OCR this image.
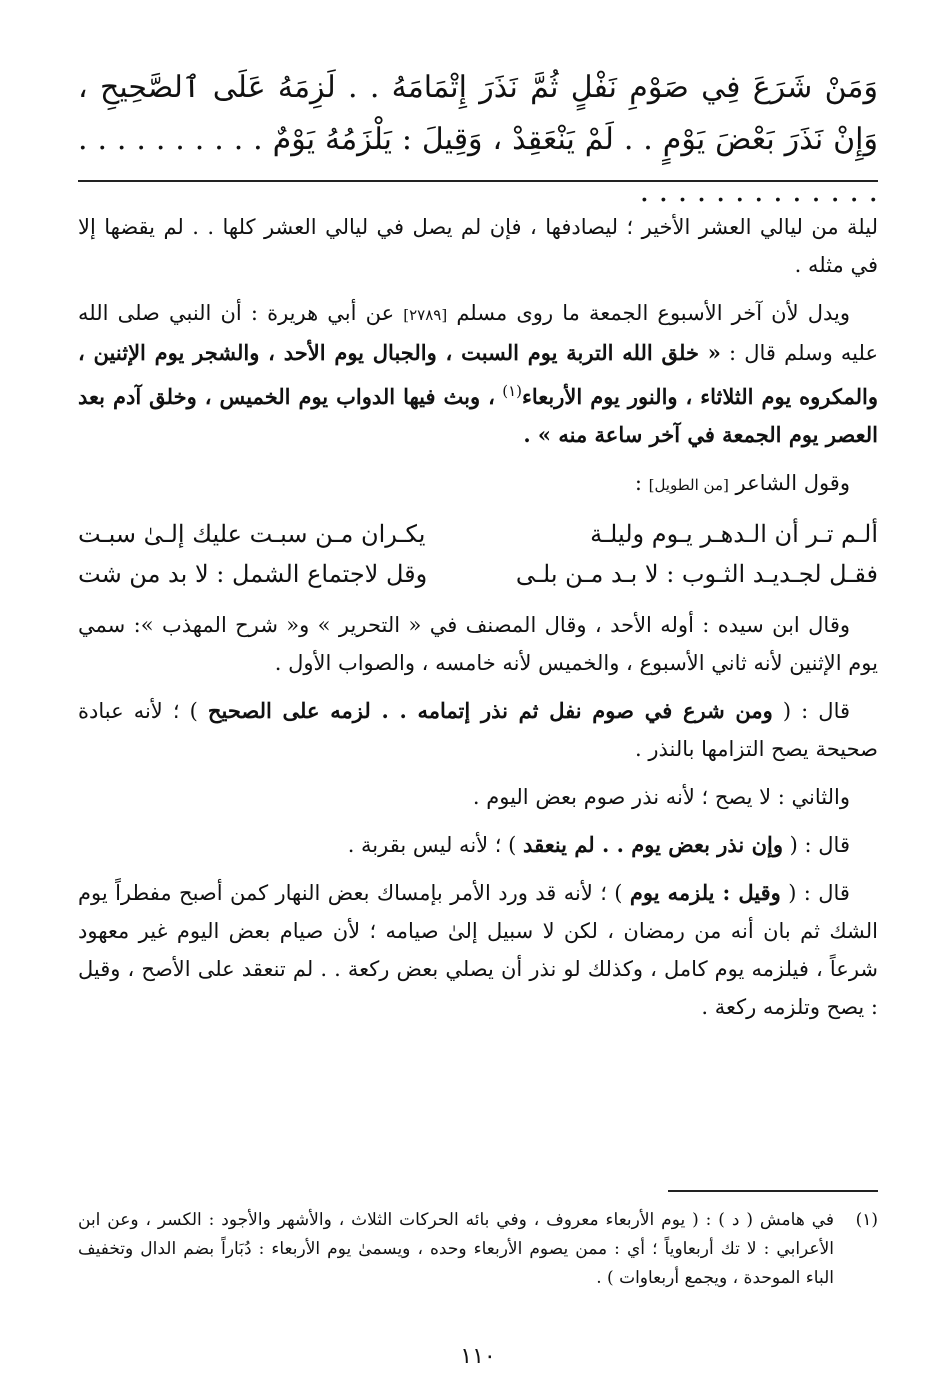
وَمَنْ شَرَعَ فِي صَوْمِ نَفْلٍ ثُمَّ نَذَرَ إِتْمَامَهُ . . لَزِمَهُ عَلَى ٱلصَّحِيحِ ، وَإِنْ نَذَرَ بَعْضَ يَوْمٍ . . لَمْ يَنْعَقِدْ ، وَقِيلَ : يَلْزَمُهُ يَوْمٌ . . . . . . . . . . . . . . . . . . . . . . .

ليلة من ليالي العشر الأخير ؛ ليصادفها ، فإن لم يصل في ليالي العشر كلها . . لم يقضها إلا في مثله .

ويدل لأن آخر الأسبوع الجمعة ما روى مسلم [٢٧٨٩] عن أبي هريرة : أن النبي صلى الله عليه وسلم قال : « خلق الله التربة يوم السبت ، والجبال يوم الأحد ، والشجر يوم الإثنين ، والمكروه يوم الثلاثاء ، والنور يوم الأربعاء$^{(١)}$ ، وبث فيها الدواب يوم الخميس ، وخلق آدم بعد العصر يوم الجمعة في آخر ساعة منه » .

وقول الشاعر [من الطويل] :

ألـم تـر أن الـدهـر يـوم وليلـة
يكـران مـن سبـت عليك إلـىٰ سبـت
فقـل لجـديـد الثـوب : لا بـد مـن بلـى
وقل لاجتماع الشمل : لا بد من شت

وقال ابن سيده : أوله الأحد ، وقال المصنف في « التحرير » و« شرح المهذب »: سمي يوم الإثنين لأنه ثاني الأسبوع ، والخميس لأنه خامسه ، والصواب الأول .

قال : ( ومن شرع في صوم نفل ثم نذر إتمامه . . لزمه على الصحيح ) ؛ لأنه عبادة صحيحة يصح التزامها بالنذر .

والثاني : لا يصح ؛ لأنه نذر صوم بعض اليوم .

قال : ( وإن نذر بعض يوم . . لم ينعقد ) ؛ لأنه ليس بقربة .

قال : ( وقيل : يلزمه يوم ) ؛ لأنه قد ورد الأمر بإمساك بعض النهار كمن أصبح مفطراً يوم الشك ثم بان أنه من رمضان ، لكن لا سبيل إلىٰ صيامه ؛ لأن صيام بعض اليوم غير معهود شرعاً ، فيلزمه يوم كامل ، وكذلك لو نذر أن يصلي بعض ركعة . . لم تنعقد على الأصح ، وقيل : يصح وتلزمه ركعة .

(١)
في هامش ( د ) : ( يوم الأربعاء معروف ، وفي بائه الحركات الثلاث ، والأشهر والأجود : الكسر ، وعن ابن الأعرابي : لا تك أربعاوياً ؛ أي : ممن يصوم الأربعاء وحده ، ويسمىٰ يوم الأربعاء : دُبَاراً بضم الدال وتخفيف الباء الموحدة ، ويجمع أربعاوات ) .
١١٠
